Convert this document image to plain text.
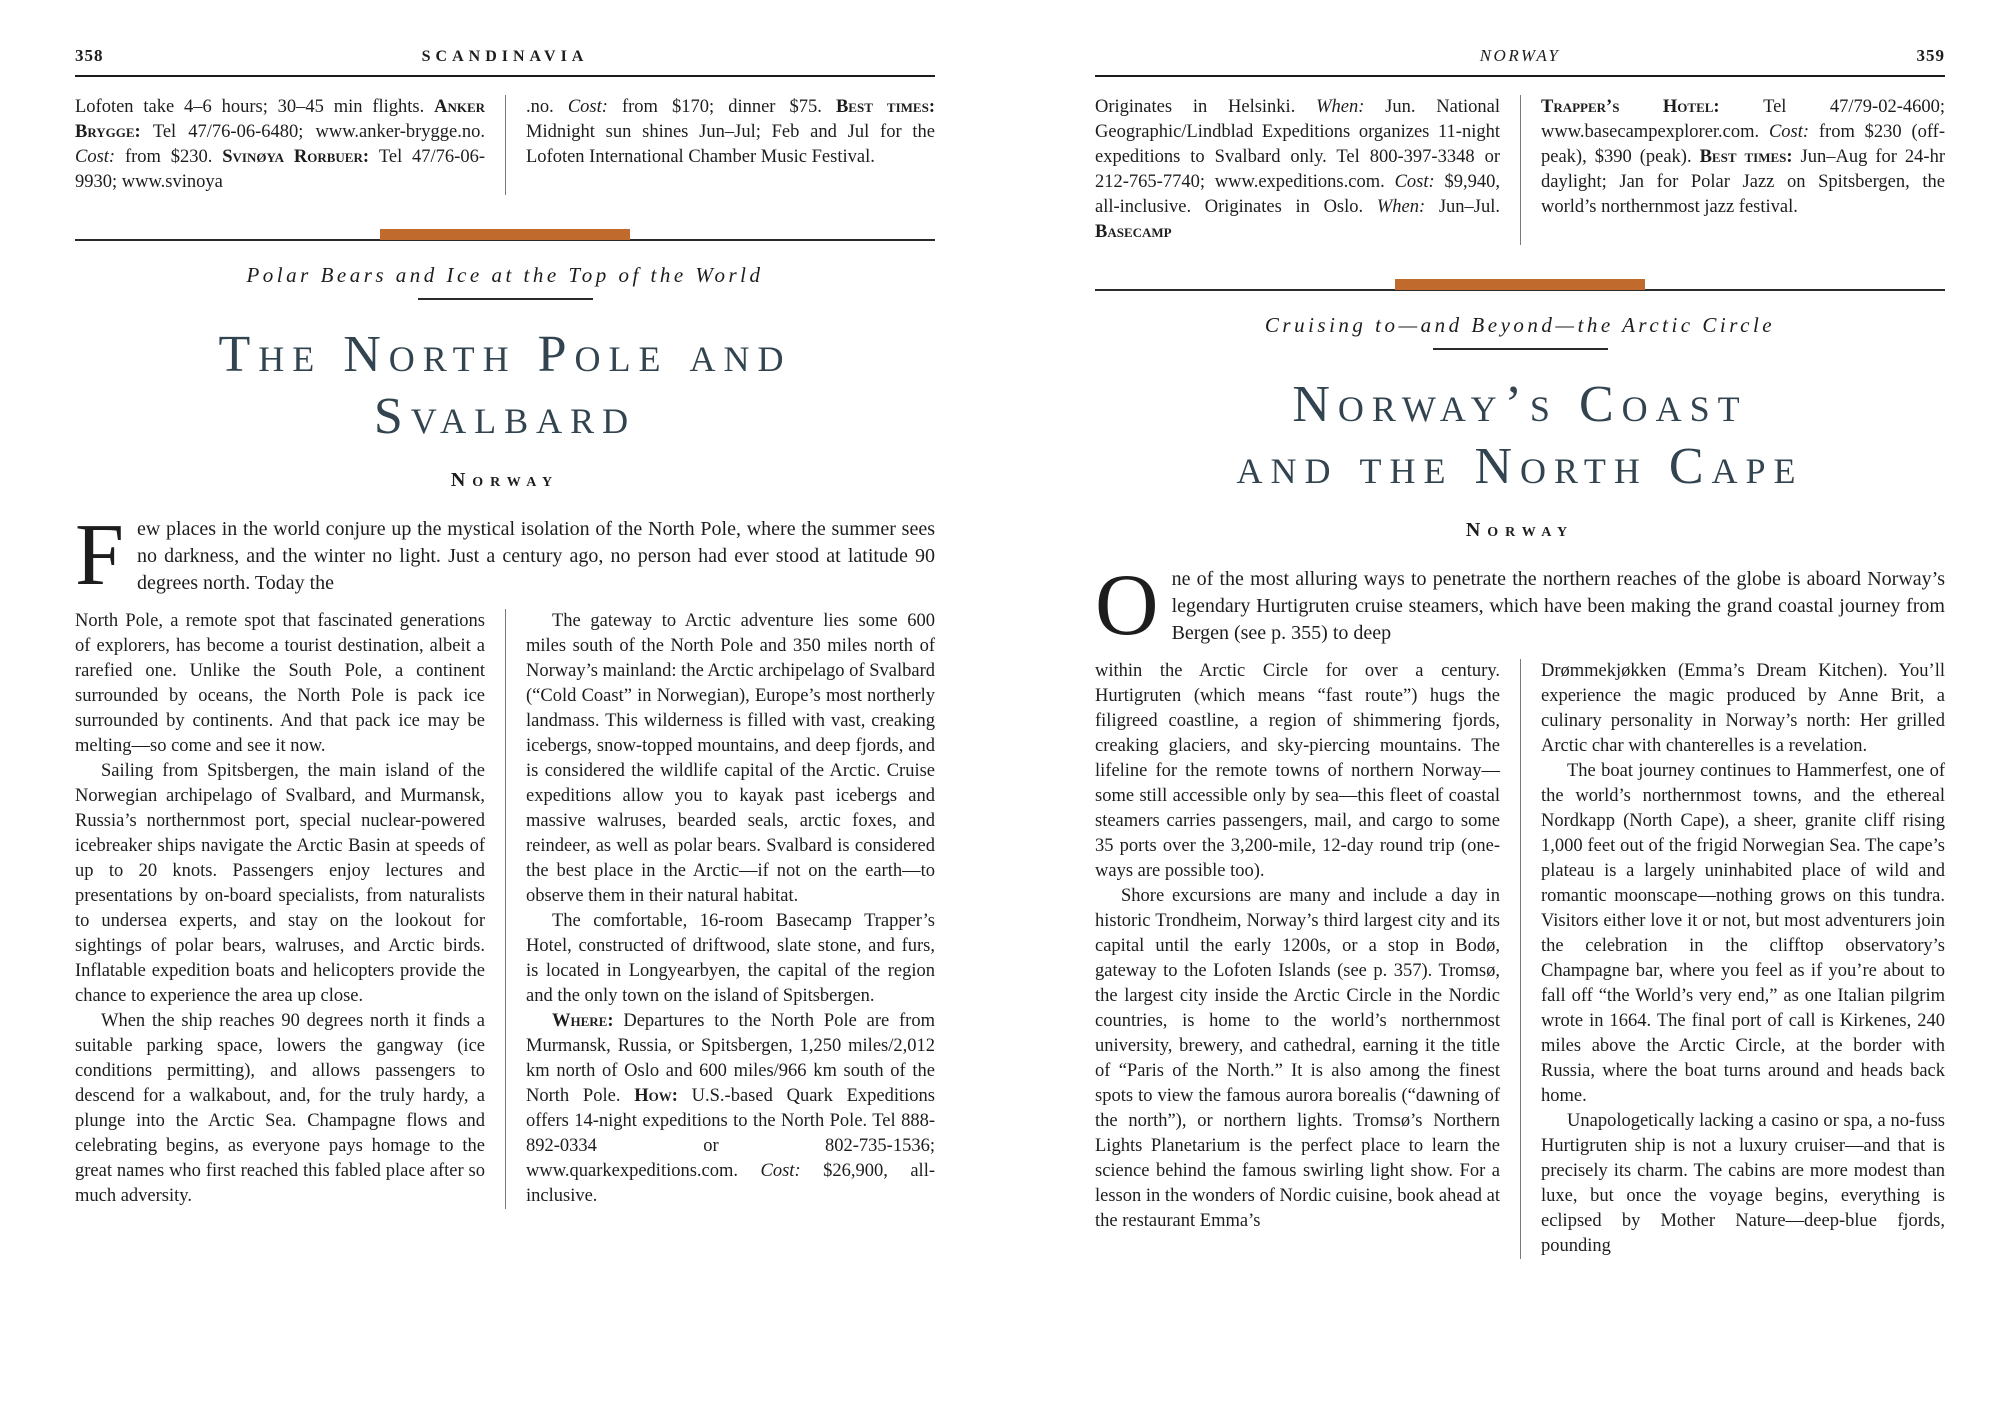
358	SCANDINAVIA

Lofoten take 4–6 hours; 30–45 min flights. Anker Brygge: Tel 47/76-06-6480; www.anker-brygge.no. Cost: from $230. Svinøya Rorbuer: Tel 47/76-06-9930; www.svinoya

.no. Cost: from $170; dinner $75. Best times: Midnight sun shines Jun–Jul; Feb and Jul for the Lofoten International Chamber Music Festival.

Polar Bears and Ice at the Top of the World
The North Pole and
Svalbard
Norway
F ew places in the world conjure up the mystical isolation of the North Pole, where the summer sees no darkness, and the winter no light. Just a century ago, no person had ever stood at latitude 90 degrees north. Today the

North Pole, a remote spot that fascinated generations of explorers, has become a tourist destination, albeit a rarefied one. Unlike the South Pole, a continent surrounded by oceans, the North Pole is pack ice surrounded by continents. And that pack ice may be melting—so come and see it now.

Sailing from Spitsbergen, the main island of the Norwegian archipelago of Svalbard, and Murmansk, Russia’s northernmost port, special nuclear-powered icebreaker ships navigate the Arctic Basin at speeds of up to 20 knots. Passengers enjoy lectures and presentations by on-board specialists, from naturalists to undersea experts, and stay on the lookout for sightings of polar bears, walruses, and Arctic birds. Inflatable expedition boats and helicopters provide the chance to experience the area up close.

When the ship reaches 90 degrees north it finds a suitable parking space, lowers the gangway (ice conditions permitting), and allows passengers to descend for a walkabout, and, for the truly hardy, a plunge into the Arctic Sea. Champagne flows and celebrating begins, as everyone pays homage to the great names who first reached this fabled place after so much adversity.

The gateway to Arctic adventure lies some 600 miles south of the North Pole and 350 miles north of Norway’s mainland: the Arctic archipelago of Svalbard (“Cold Coast” in Norwegian), Europe’s most northerly landmass. This wilderness is filled with vast, creaking icebergs, snow-topped mountains, and deep fjords, and is considered the wildlife capital of the Arctic. Cruise expeditions allow you to kayak past icebergs and massive walruses, bearded seals, arctic foxes, and reindeer, as well as polar bears. Svalbard is considered the best place in the Arctic—if not on the earth—to observe them in their natural habitat.

The comfortable, 16-room Basecamp Trapper’s Hotel, constructed of driftwood, slate stone, and furs, is located in Longyearbyen, the capital of the region and the only town on the island of Spitsbergen.

Where: Departures to the North Pole are from Murmansk, Russia, or Spitsbergen, 1,250 miles/2,012 km north of Oslo and 600 miles/966 km south of the North Pole. How: U.S.-based Quark Expeditions offers 14-night expeditions to the North Pole. Tel 888-892-0334 or 802-735-1536; www.quarkexpeditions.com. Cost: $26,900, all-inclusive.

NORWAY	359

Originates in Helsinki. When: Jun. National Geographic/Lindblad Expeditions organizes 11-night expeditions to Svalbard only. Tel 800-397-3348 or 212-765-7740; www.expeditions.com. Cost: $9,940, all-inclusive. Originates in Oslo. When: Jun–Jul. Basecamp

Trapper’s Hotel: Tel 47/79-02-4600; www.basecampexplorer.com. Cost: from $230 (off-peak), $390 (peak). Best times: Jun–Aug for 24-hr daylight; Jan for Polar Jazz on Spitsbergen, the world’s northernmost jazz festival.

Cruising to—and Beyond—the Arctic Circle
Norway’s Coast
and the North Cape
Norway
O ne of the most alluring ways to penetrate the northern reaches of the globe is aboard Norway’s legendary Hurtigruten cruise steamers, which have been making the grand coastal journey from Bergen (see p. 355) to deep

within the Arctic Circle for over a century. Hurtigruten (which means “fast route”) hugs the filigreed coastline, a region of shimmering fjords, creaking glaciers, and sky-piercing mountains. The lifeline for the remote towns of northern Norway—some still accessible only by sea—this fleet of coastal steamers carries passengers, mail, and cargo to some 35 ports over the 3,200-mile, 12-day round trip (one-ways are possible too).

Shore excursions are many and include a day in historic Trondheim, Norway’s third largest city and its capital until the early 1200s, or a stop in Bodø, gateway to the Lofoten Islands (see p. 357). Tromsø, the largest city inside the Arctic Circle in the Nordic countries, is home to the world’s northernmost university, brewery, and cathedral, earning it the title of “Paris of the North.” It is also among the finest spots to view the famous aurora borealis (“dawning of the north”), or northern lights. Tromsø’s Northern Lights Planetarium is the perfect place to learn the science behind the famous swirling light show. For a lesson in the wonders of Nordic cuisine, book ahead at the restaurant Emma’s

Drømmekjøkken (Emma’s Dream Kitchen). You’ll experience the magic produced by Anne Brit, a culinary personality in Norway’s north: Her grilled Arctic char with chanterelles is a revelation.

The boat journey continues to Hammerfest, one of the world’s northernmost towns, and the ethereal Nordkapp (North Cape), a sheer, granite cliff rising 1,000 feet out of the frigid Norwegian Sea. The cape’s plateau is a largely uninhabited place of wild and romantic moonscape—nothing grows on this tundra. Visitors either love it or not, but most adventurers join the celebration in the clifftop observatory’s Champagne bar, where you feel as if you’re about to fall off “the World’s very end,” as one Italian pilgrim wrote in 1664. The final port of call is Kirkenes, 240 miles above the Arctic Circle, at the border with Russia, where the boat turns around and heads back home.

Unapologetically lacking a casino or spa, a no-fuss Hurtigruten ship is not a luxury cruiser—and that is precisely its charm. The cabins are more modest than luxe, but once the voyage begins, everything is eclipsed by Mother Nature—deep-blue fjords, pounding
